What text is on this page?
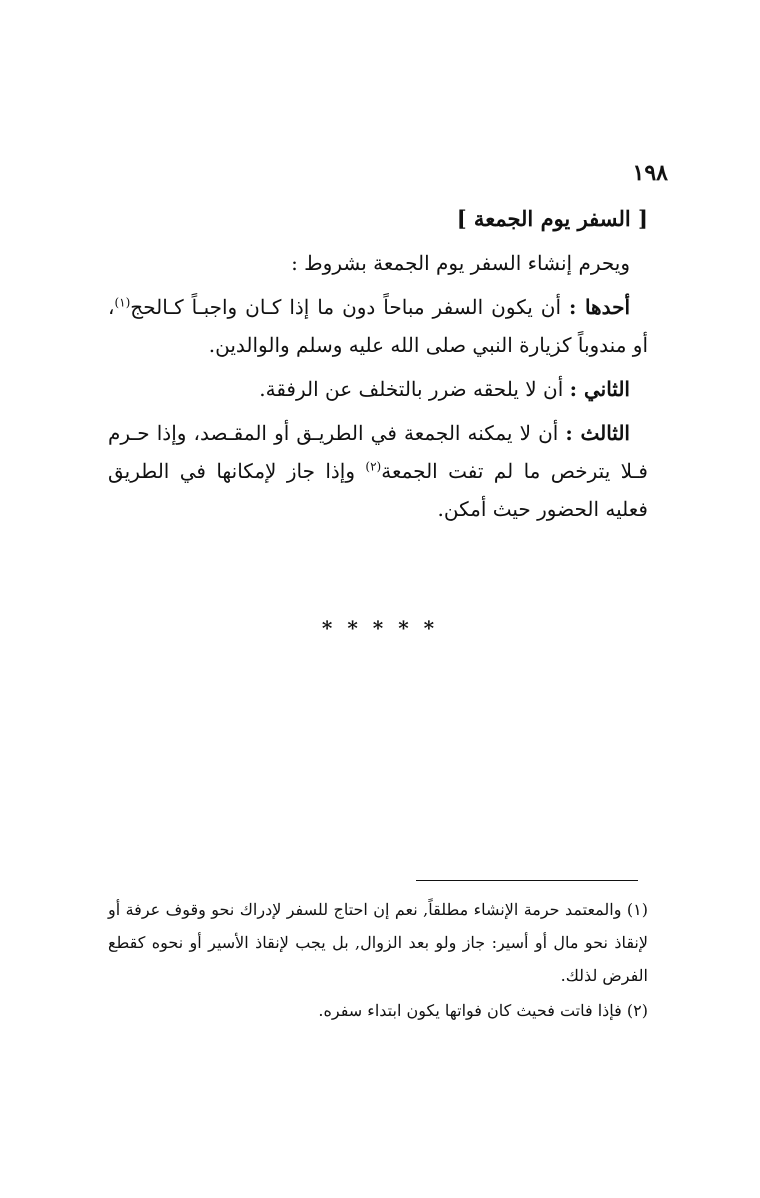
١٩٨

[ السفر يوم الجمعة ]

ويحرم إنشاء السفر يوم الجمعة بشروط :

أحدها : أن يكون السفر مباحاً دون ما إذا كـان واجبـاً كـالحج$^{(١)}$، أو مندوباً كزيارة النبي صلى الله عليه وسلم والوالدين.

الثاني : أن لا يلحقه ضرر بالتخلف عن الرفقة.

الثالث : أن لا يمكنه الجمعة في الطريـق أو المقـصد، وإذا حـرم فـلا يترخص ما لم تفت الجمعة$^{(٢)}$ وإذا جاز لإمكانها في الطريق فعليه الحضور حيث أمكن.

* * * * *

(١) والمعتمد حرمة الإنشاء مطلقاً, نعم إن احتاج للسفر لإدراك نحو وقوف عرفة أو لإنقاذ نحو مال أو أسير: جاز ولو بعد الزوال, بل يجب لإنقاذ الأسير أو نحوه كقطع الفرض لذلك.

(٢) فإذا فاتت فحيث كان فواتها يكون ابتداء سفره.
